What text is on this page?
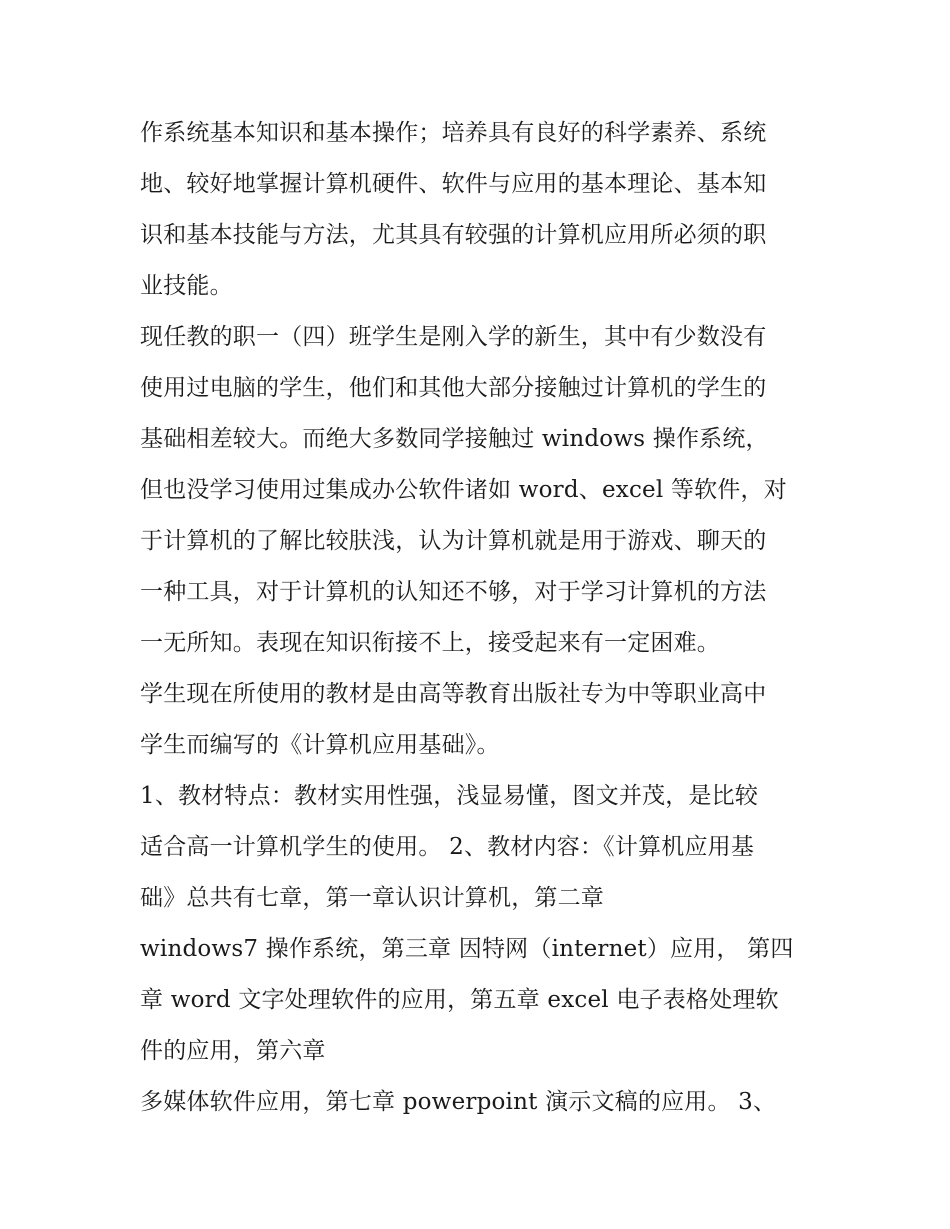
作系统基本知识和基本操作；培养具有良好的科学素养、系统
地、较好地掌握计算机硬件、软件与应用的基本理论、基本知
识和基本技能与方法，尤其具有较强的计算机应用所必须的职
业技能。
现任教的职一（四）班学生是刚入学的新生，其中有少数没有
使用过电脑的学生，他们和其他大部分接触过计算机的学生的
基础相差较大。而绝大多数同学接触过 windows 操作系统，
但也没学习使用过集成办公软件诸如 word、excel 等软件，对
于计算机的了解比较肤浅，认为计算机就是用于游戏、聊天的
一种工具，对于计算机的认知还不够，对于学习计算机的方法
一无所知。表现在知识衔接不上，接受起来有一定困难。
学生现在所使用的教材是由高等教育出版社专为中等职业高中
学生而编写的《计算机应用基础》。
1、教材特点：教材实用性强，浅显易懂，图文并茂，是比较
适合高一计算机学生的使用。 2、教材内容：《计算机应用基
础》总共有七章，第一章认识计算机，第二章
windows7 操作系统，第三章 因特网（internet）应用， 第四
章 word 文字处理软件的应用，第五章 excel 电子表格处理软
件的应用，第六章
多媒体软件应用，第七章 powerpoint 演示文稿的应用。 3、
